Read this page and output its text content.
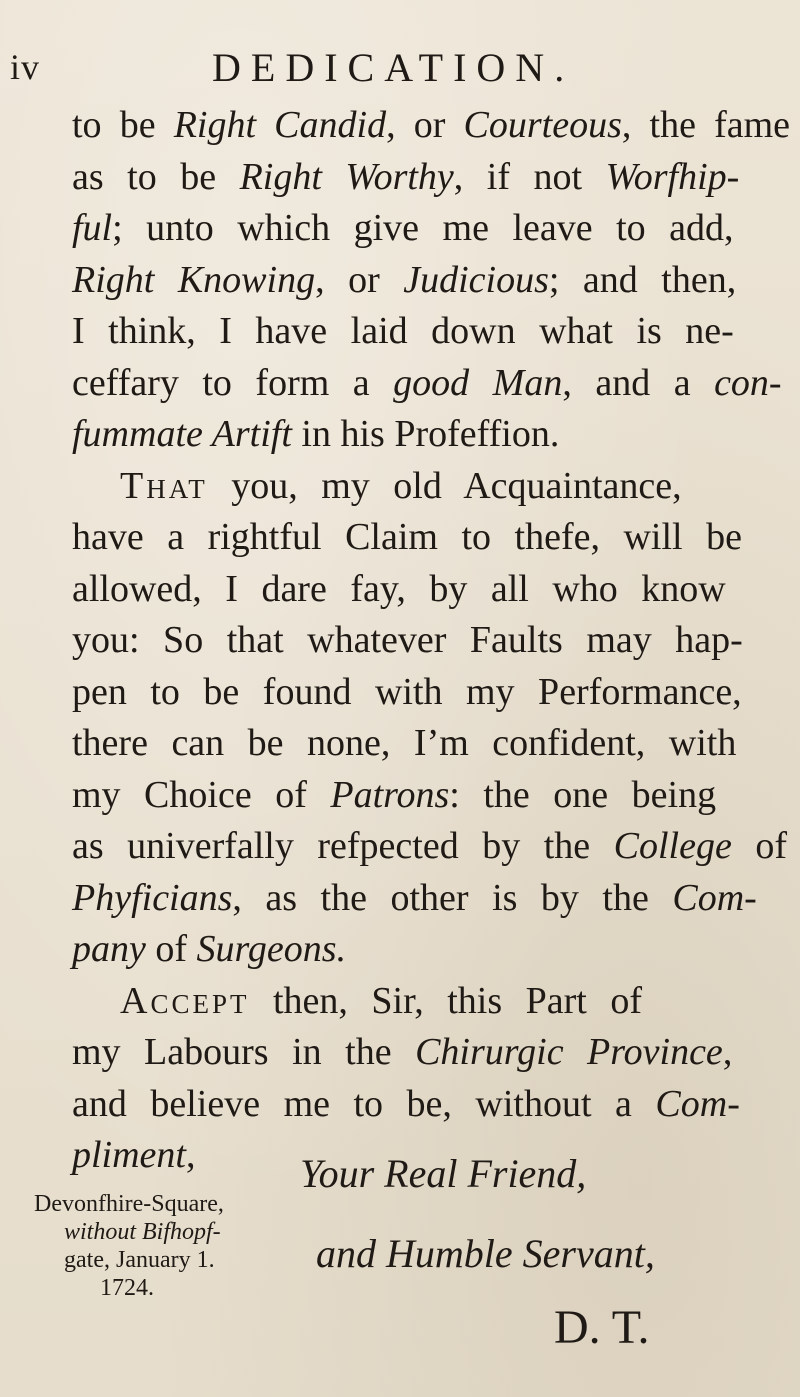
iv	DEDICATION.
to be Right Candid, or Courteous, the fame
as to be Right Worthy, if not Worfhip-
ful; unto which give me leave to add,
Right Knowing, or Judicious; and then,
I think, I have laid down what is ne-
ceffary to form a good Man, and a con-
fummate Artift in his Profeffion.
That you, my old Acquaintance,
have a rightful Claim to thefe, will be
allowed, I dare fay, by all who know
you: So that whatever Faults may hap-
pen to be found with my Performance,
there can be none, I’m confident, with
my Choice of Patrons: the one being
as univerfally refpected by the College of
Phyficians, as the other is by the Com-
pany of Surgeons.
Accept then, Sir, this Part of
my Labours in the Chirurgic Province,
and believe me to be, without a Com-
pliment,
Devonfhire-Square,
without Bifhopf-
gate, January 1.
1724.
Your Real Friend,
and Humble Servant,
D. T.
